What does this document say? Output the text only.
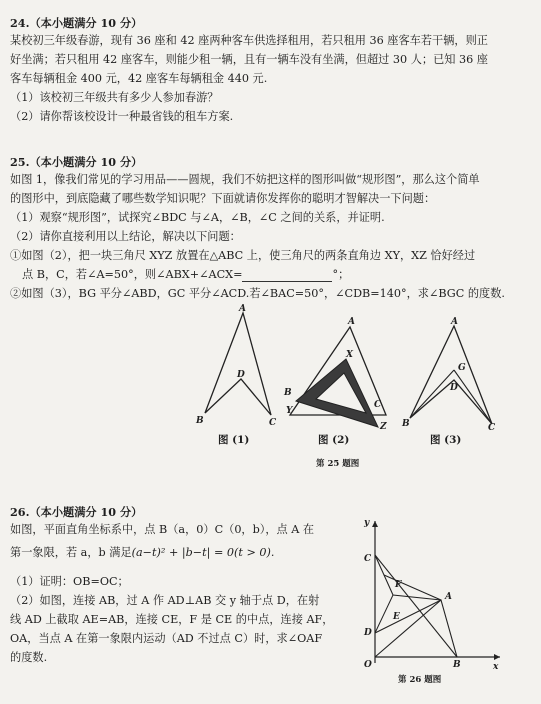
24.（本小题满分 10 分）
某校初三年级春游，现有 36 座和 42 座两种客车供选择租用，若只租用 36 座客车若干辆，则正
好坐满；若只租用 42 座客车，则能少租一辆，且有一辆车没有坐满，但超过 30 人；已知 36 座
客车每辆租金 400 元，42 座客车每辆租金 440 元.
（1）该校初三年级共有多少人参加春游？
（2）请你帮该校设计一种最省钱的租车方案.
25.（本小题满分 10 分）
如图 1，像我们常见的学习用品——圆规，我们不妨把这样的图形叫做“规形图”，那么这个简单
的图形中，到底隐藏了哪些数学知识呢？下面就请你发挥你的聪明才智解决一下问题：
（1）观察“规形图”，试探究∠BDC 与∠A，∠B，∠C 之间的关系，并证明.
（2）请你直接利用以上结论，解决以下问题：
①如图（2），把一块三角尺 XYZ 放置在△ABC 上，使三角尺的两条直角边 XY，XZ 恰好经过
点 B，C，若∠A=50°，则∠ABX+∠ACX=	°；
②如图（3），BG 平分∠ABD，GC 平分∠ACD.若∠BAC=50°，∠CDB=140°，求∠BGC 的度数.
A
B
D
C
图 (1)
A
X
B
Y
C
Z
图 (2)
A
G
D
B	C
图 (3)
第 25 题图
26.（本小题满分 10 分）
如图，平面直角坐标系中，点 B（a，0）C（0，b），点 A 在
第一象限，若 a，b 满足(a−t)² + |b−t| = 0(t > 0).
（1）证明：OB=OC；
（2）如图，连接 AB，过 A 作 AD⊥AB 交 y 轴于点 D，在射
线 AD 上截取 AE=AB，连接 CE，F 是 CE 的中点，连接 AF，
OA，当点 A 在第一象限内运动（AD 不过点 C）时，求∠OAF
的度数.
y
x
O
C
D
F
E
A
B
第 26 题图
